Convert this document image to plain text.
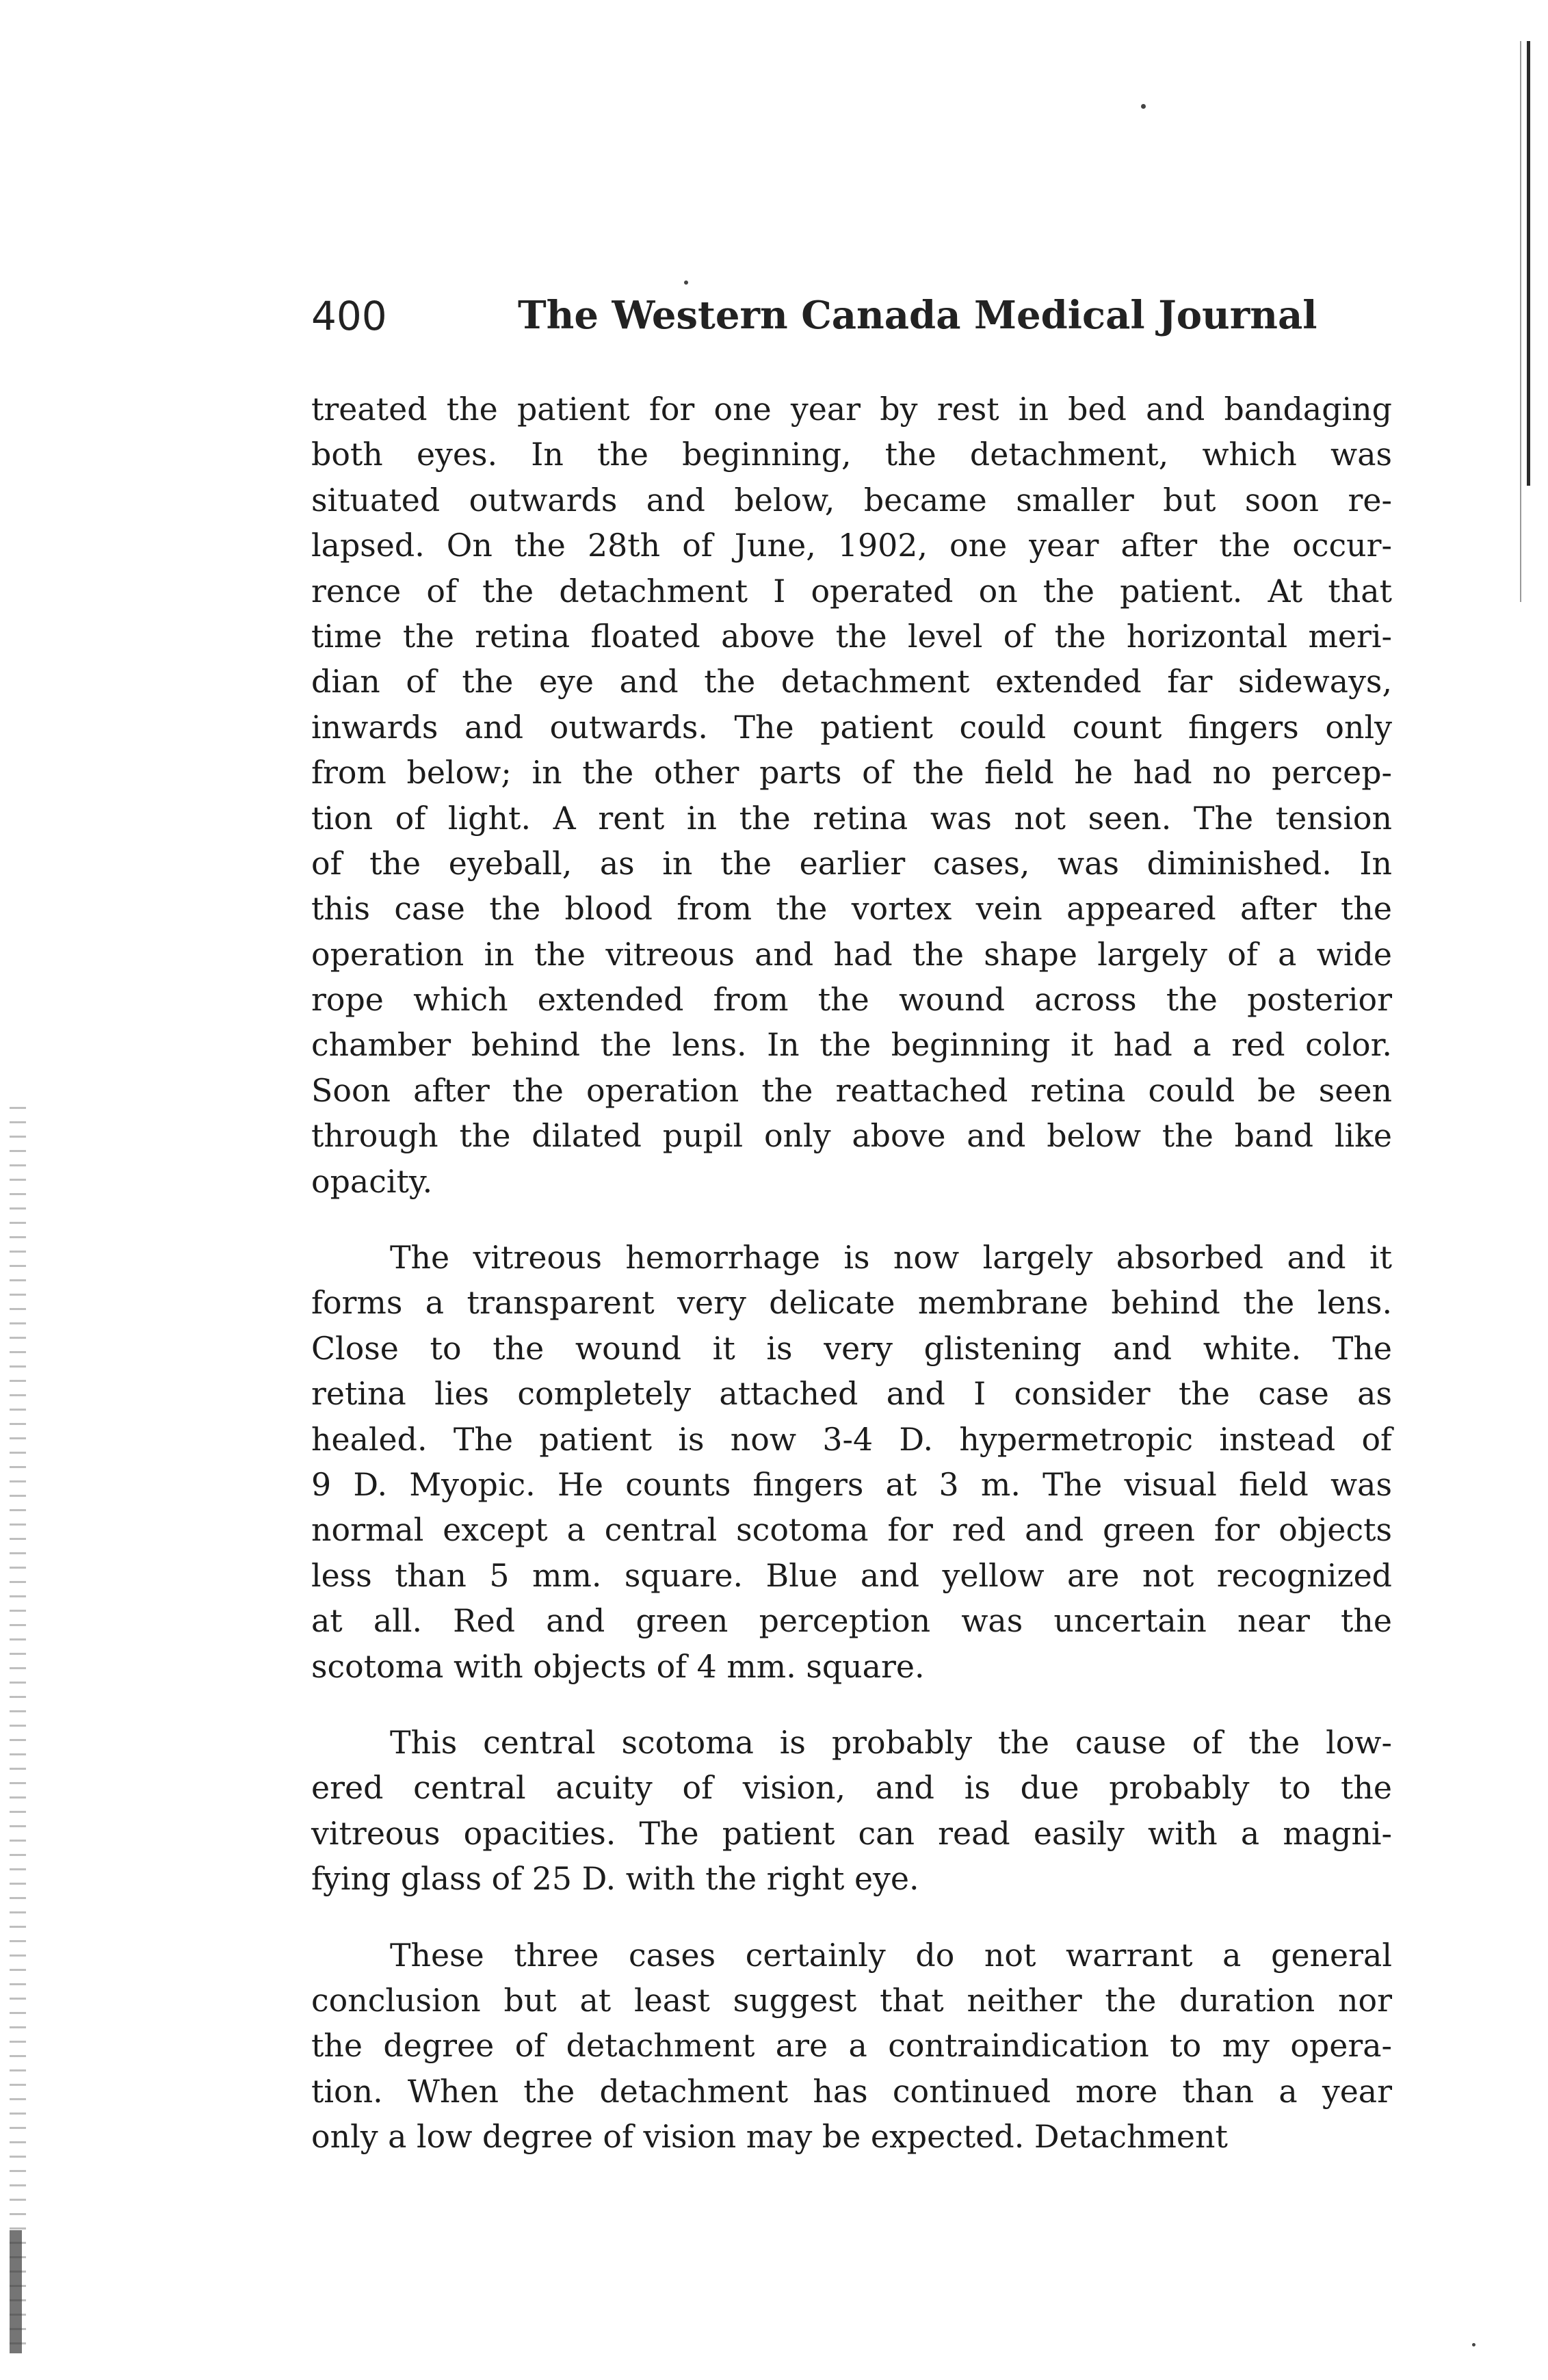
400	The Western Canada Medical Journal
treated the patient for one year by rest in bed and bandaging
both eyes. In the beginning, the detachment, which was
situated outwards and below, became smaller but soon re-
lapsed. On the 28th of June, 1902, one year after the occur-
rence of the detachment I operated on the patient. At that
time the retina floated above the level of the horizontal meri-
dian of the eye and the detachment extended far sideways,
inwards and outwards. The patient could count fingers only
from below; in the other parts of the field he had no percep-
tion of light. A rent in the retina was not seen. The tension
of the eyeball, as in the earlier cases, was diminished. In
this case the blood from the vortex vein appeared after the
operation in the vitreous and had the shape largely of a wide
rope which extended from the wound across the posterior
chamber behind the lens. In the beginning it had a red color.
Soon after the operation the reattached retina could be seen
through the dilated pupil only above and below the band like
opacity.
The vitreous hemorrhage is now largely absorbed and it
forms a transparent very delicate membrane behind the lens.
Close to the wound it is very glistening and white. The
retina lies completely attached and I consider the case as
healed. The patient is now 3-4 D. hypermetropic instead of
9 D. Myopic. He counts fingers at 3 m. The visual field was
normal except a central scotoma for red and green for objects
less than 5 mm. square. Blue and yellow are not recognized
at all. Red and green perception was uncertain near the
scotoma with objects of 4 mm. square.
This central scotoma is probably the cause of the low-
ered central acuity of vision, and is due probably to the
vitreous opacities. The patient can read easily with a magni-
fying glass of 25 D. with the right eye.
These three cases certainly do not warrant a general
conclusion but at least suggest that neither the duration nor
the degree of detachment are a contraindication to my opera-
tion. When the detachment has continued more than a year
only a low degree of vision may be expected. Detachment
